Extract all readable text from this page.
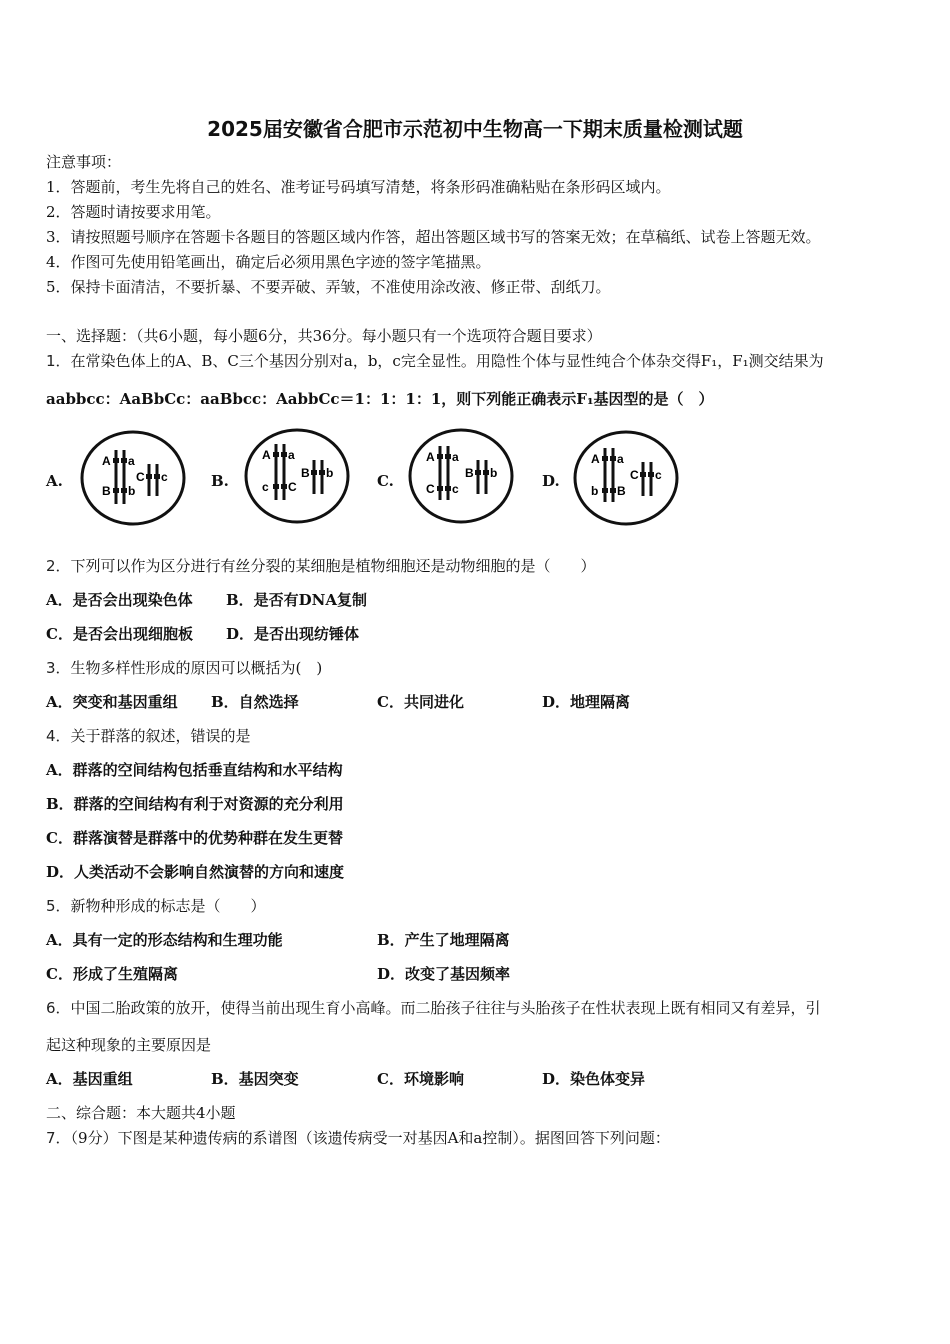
2025届安徽省合肥市示范初中生物高一下期末质量检测试题
注意事项：
1．答题前，考生先将自己的姓名、准考证号码填写清楚，将条形码准确粘贴在条形码区域内。
2．答题时请按要求用笔。
3．请按照题号顺序在答题卡各题目的答题区域内作答，超出答题区域书写的答案无效；在草稿纸、试卷上答题无效。
4．作图可先使用铅笔画出，确定后必须用黑色字迹的签字笔描黑。
5．保持卡面清洁，不要折暴、不要弄破、弄皱，不准使用涂改液、修正带、刮纸刀。
一、选择题：（共6小题，每小题6分，共36分。每小题只有一个选项符合题目要求）
1．在常染色体上的A、B、C三个基因分别对a，b，c完全显性。用隐性个体与显性纯合个体杂交得F₁，F₁测交结果为
aabbcc：AaBbCc：aaBbcc：AabbCc＝1：1：1：1，则下列能正确表示F₁基因型的是（　）
A.	B.	C.	D.
A a
B b
C c
A a
c C
B b
A a
C c
B b
A a
b B
C c
2．下列可以作为区分进行有丝分裂的某细胞是植物细胞还是动物细胞的是（　　）
A．是否会出现染色体 B．是否有DNA复制
C．是否会出现细胞板 D．是否出现纺锤体
3．生物多样性形成的原因可以概括为(　)
A．突变和基因重组 B．自然选择	C．共同进化	D．地理隔离
4．关于群落的叙述，错误的是
A．群落的空间结构包括垂直结构和水平结构
B．群落的空间结构有利于对资源的充分利用
C．群落演替是群落中的优势种群在发生更替
D．人类活动不会影响自然演替的方向和速度
5．新物种形成的标志是（　　）
A．具有一定的形态结构和生理功能	B．产生了地理隔离
C．形成了生殖隔离	D．改变了基因频率
6．中国二胎政策的放开，使得当前出现生育小高峰。而二胎孩子往往与头胎孩子在性状表现上既有相同又有差异，引
起这种现象的主要原因是
A．基因重组	B．基因突变	C．环境影响	D．染色体变异
二、综合题：本大题共4小题
7．（9分）下图是某种遗传病的系谱图（该遗传病受一对基因A和a控制）。据图回答下列问题：
